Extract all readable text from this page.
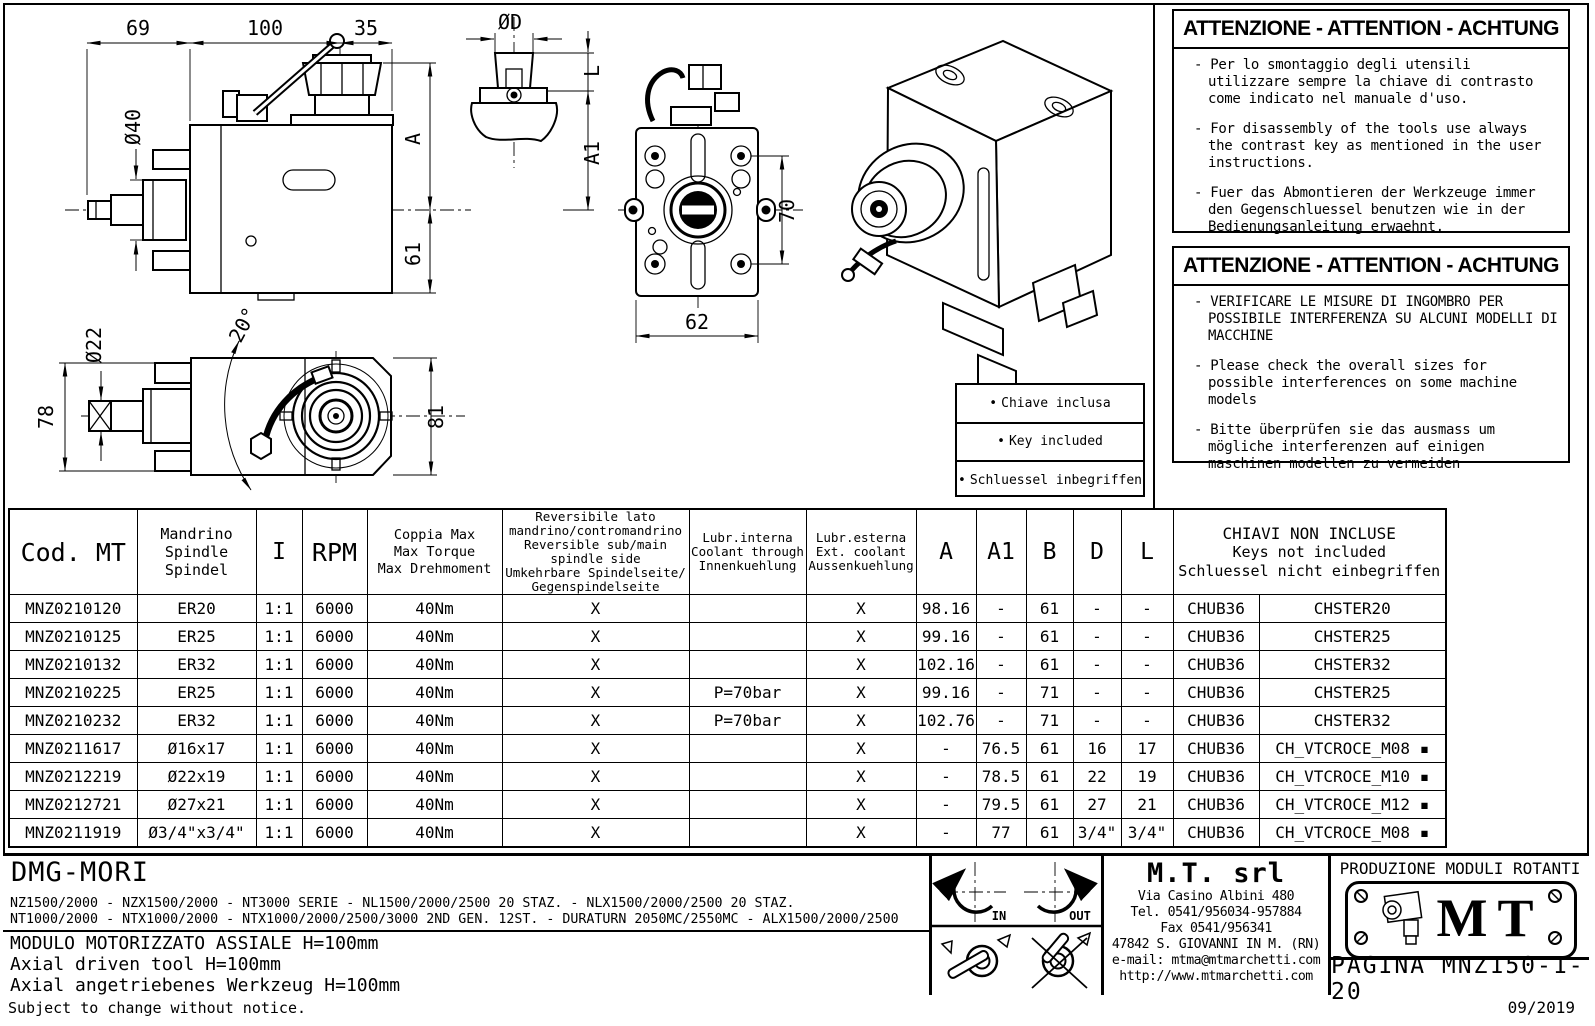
69	100	35
Ø40	A
61
ØD
L
A1
70
62
20°
78
Ø22
81
ATTENZIONE - ATTENTION - ACHTUNG
- Per lo smontaggio degli utensili utilizzare sempre la chiave di contrasto come indicato nel manuale d'uso.
- For disassembly of the tools use always the contrast key as mentioned in the user instructions.
- Fuer das Abmontieren der Werkzeuge immer den Gegenschluessel benutzen wie in der Bedienungsanleitung erwaehnt.
ATTENZIONE - ATTENTION - ACHTUNG
- VERIFICARE LE MISURE DI INGOMBRO PER POSSIBILE INTERFERENZA SU ALCUNI MODELLI DI MACCHINE
- Please check the overall sizes for possible interferences on some machine models
- Bitte überprüfen sie das ausmass um mögliche interferenzen auf einigen maschinen modellen zu vermeiden
• Chiave inclusa
• Key included
• Schluessel inbegriffen
Cod. MT

Mandrino
Spindle
Spindel

I	RPM

Coppia Max
Max Torque
Max Drehmoment

Reversibile lato
mandrino/contromandrino
Reversible sub/main
spindle side
Umkehrbare Spindelseite/
Gegenspindelseite

Lubr.interna
Coolant through
Innenkuehlung

Lubr.esterna
Ext. coolant
Aussenkuehlung

A	A1	B	D	L

CHIAVI NON INCLUSE
Keys not included
Schluessel nicht einbegriffen

MNZ0210120	ER20	1:1	6000	40Nm	X		X	98.16	-	61	-	-	CHUB36	CHSTER20
MNZ0210125	ER25	1:1	6000	40Nm	X		X	99.16	-	61	-	-	CHUB36	CHSTER25
MNZ0210132	ER32	1:1	6000	40Nm	X		X	102.16	-	61	-	-	CHUB36	CHSTER32
MNZ0210225	ER25	1:1	6000	40Nm	X	P=70bar	X	99.16	-	71	-	-	CHUB36	CHSTER25
MNZ0210232	ER32	1:1	6000	40Nm	X	P=70bar	X	102.76	-	71	-	-	CHUB36	CHSTER32
MNZ0211617	Ø16x17	1:1	6000	40Nm	X		X	-	76.5	61	16	17	CHUB36	CH_VTCROCE_M08 ▪
MNZ0212219	Ø22x19	1:1	6000	40Nm	X		X	-	78.5	61	22	19	CHUB36	CH_VTCROCE_M10 ▪
MNZ0212721	Ø27x21	1:1	6000	40Nm	X		X	-	79.5	61	27	21	CHUB36	CH_VTCROCE_M12 ▪
MNZ0211919	Ø3/4"x3/4"	1:1	6000	40Nm	X		X	-	77	61	3/4"	3/4"	CHUB36	CH_VTCROCE_M08 ▪
DMG-MORI
NZ1500/2000 - NZX1500/2000 - NT3000 SERIE - NL1500/2000/2500 20 STAZ. - NLX1500/2000/2500 20 STAZ.
NT1000/2000 - NTX1000/2000 - NTX1000/2000/2500/3000 2ND GEN. 12ST. - DURATURN 2050MC/2550MC - ALX1500/2000/2500
MODULO MOTORIZZATO ASSIALE H=100mm
Axial driven tool H=100mm
Axial angetriebenes Werkzeug H=100mm
IN	OUT
M.T. srl
Via Casino Albini 480
Tel. 0541/956034-957884
Fax 0541/956341
47842 S. GIOVANNI IN M. (RN)
e-mail: mtma@mtmarchetti.com
http://www.mtmarchetti.com
PRODUZIONE MODULI ROTANTI
MT
PAGINA MNZ150-1-20
Subject to change without notice.	09/2019
